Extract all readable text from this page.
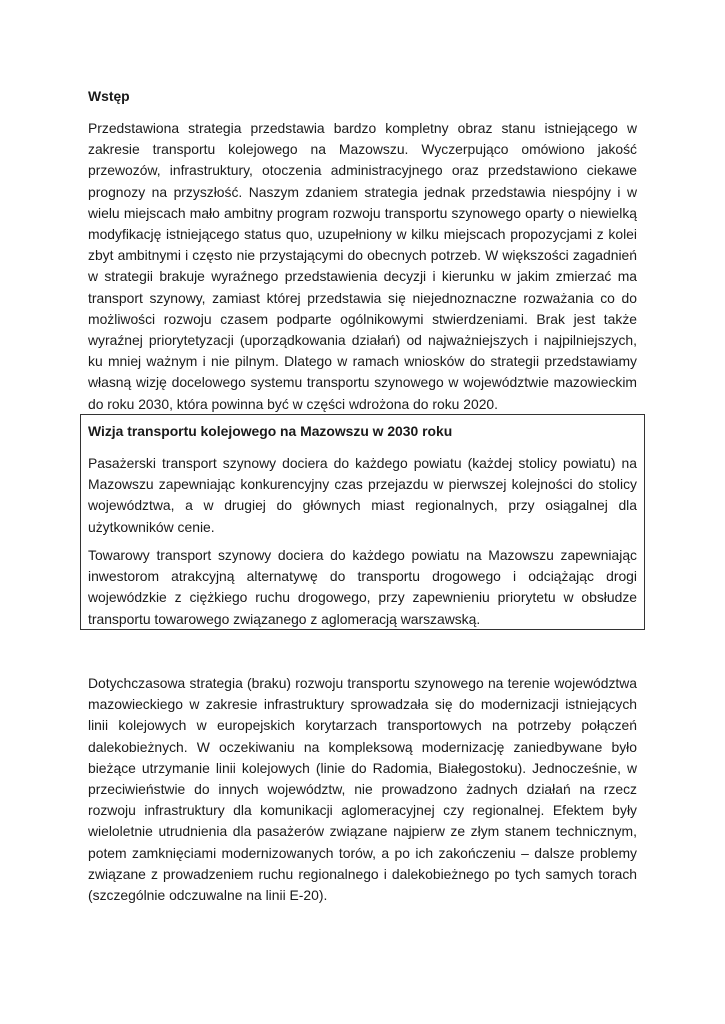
Wstęp

Przedstawiona strategia przedstawia bardzo kompletny obraz stanu istniejącego w zakresie transportu kolejowego na Mazowszu. Wyczerpująco omówiono jakość przewozów, infrastruktury, otoczenia administracyjnego oraz przedstawiono ciekawe prognozy na przyszłość. Naszym zdaniem strategia jednak przedstawia niespójny i w wielu miejscach mało ambitny program rozwoju transportu szynowego oparty o niewielką modyfikację istniejącego status quo, uzupełniony w kilku miejscach propozycjami z kolei zbyt ambitnymi i często nie przystającymi do obecnych potrzeb. W większości zagadnień w strategii brakuje wyraźnego przedstawienia decyzji i kierunku w jakim zmierzać ma transport szynowy, zamiast której przedstawia się niejednoznaczne rozważania co do możliwości rozwoju czasem podparte ogólnikowymi stwierdzeniami. Brak jest także wyraźnej priorytetyzacji (uporządkowania działań) od najważniejszych i najpilniejszych, ku mniej ważnym i nie pilnym. Dlatego w ramach wniosków do strategii przedstawiamy własną wizję docelowego systemu transportu szynowego w województwie mazowieckim do roku 2030, która powinna być w części wdrożona do roku 2020.

Wizja transportu kolejowego na Mazowszu w 2030 roku

Pasażerski transport szynowy dociera do każdego powiatu (każdej stolicy powiatu) na Mazowszu zapewniając konkurencyjny czas przejazdu w pierwszej kolejności do stolicy województwa, a w drugiej do głównych miast regionalnych, przy osiągalnej dla użytkowników cenie.

Towarowy transport szynowy dociera do każdego powiatu na Mazowszu zapewniając inwestorom atrakcyjną alternatywę do transportu drogowego i odciążając drogi wojewódzkie z ciężkiego ruchu drogowego, przy zapewnieniu priorytetu w obsłudze transportu towarowego związanego z aglomeracją warszawską.

Dotychczasowa strategia (braku) rozwoju transportu szynowego na terenie województwa mazowieckiego w zakresie infrastruktury sprowadzała się do modernizacji istniejących linii kolejowych w europejskich korytarzach transportowych na potrzeby połączeń dalekobieżnych. W oczekiwaniu na kompleksową modernizację zaniedbywane było bieżące utrzymanie linii kolejowych (linie do Radomia, Białegostoku). Jednocześnie, w przeciwieństwie do innych województw, nie prowadzono żadnych działań na rzecz rozwoju infrastruktury dla komunikacji aglomeracyjnej czy regionalnej. Efektem były wieloletnie utrudnienia dla pasażerów związane najpierw ze złym stanem technicznym, potem zamknięciami modernizowanych torów, a po ich zakończeniu – dalsze problemy związane z prowadzeniem ruchu regionalnego i dalekobieżnego po tych samych torach (szczególnie odczuwalne na linii E-20).
